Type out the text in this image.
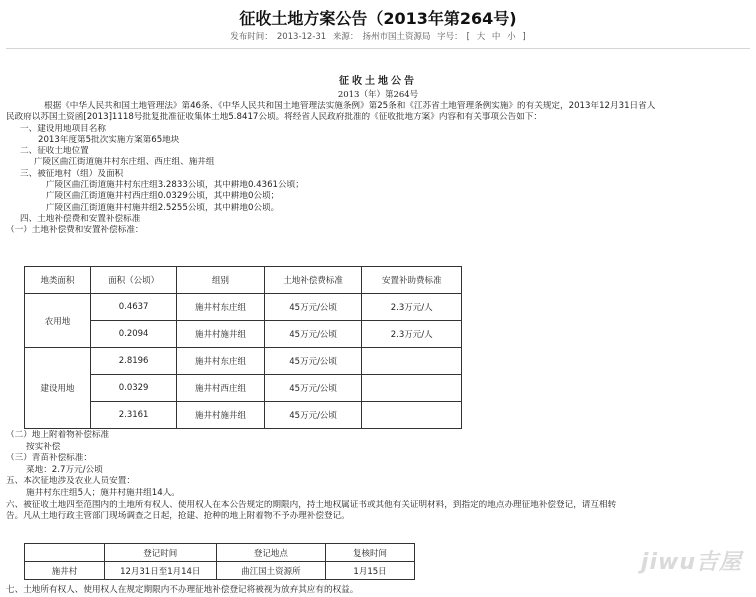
征收土地方案公告（2013年第264号)
发布时间： 2013-12-31 来源： 扬州市国土资源局 字号： [ 大 中 小 ]
征收土地公告
2013（年）第264号

根据《中华人民共和国土地管理法》第46条、《中华人民共和国土地管理法实施条例》第25条和《江苏省土地管理条例实施》的有关规定，2013年12月31日省人

民政府以苏国土资函[2013]1118号批复批准征收集体土地5.8417公顷。将经省人民政府批准的《征收批地方案》内容和有关事项公告如下：

一、建设用地项目名称

2013年度第5批次实施方案第65地块

二、征收土地位置

广陵区曲江街道施井村东庄组、西庄组、施井组

三、被征地村（组）及面积

广陵区曲江街道施井村东庄组3.2833公顷，其中耕地0.4361公顷；

广陵区曲江街道施井村西庄组0.0329公顷，其中耕地0公顷；

广陵区曲江街道施井村施井组2.5255公顷，其中耕地0公顷。

四、土地补偿费和安置补偿标准

（一）土地补偿费和安置补偿标准：

地类面积	面积（公顷）	组别	土地补偿费标准	安置补助费标准
农用地	0.4637	施井村东庄组	45万元/公顷	2.3万元/人
	0.2094	施井村施井组	45万元/公顷	2.3万元/人
建设用地	2.8196	施井村东庄组	45万元/公顷	
	0.0329	施井村西庄组	45万元/公顷	
	2.3161	施井村施井组	45万元/公顷	

（二）地上附着物补偿标准

按实补偿

（三）青苗补偿标准：

菜地：2.7万元/公顷

五、本次征地涉及农业人员安置：

施井村东庄组5人；施井村施井组14人。

六、被征收土地四至范围内的土地所有权人、使用权人在本公告规定的期限内，持土地权属证书或其他有关证明材料，到指定的地点办理征地补偿登记，请互相转

告。凡从土地行政主管部门现场调查之日起，抢建、抢种的地上附着物不予办理补偿登记。

	登记时间	登记地点	复核时间
施井村	12月31日至1月14日	曲江国土资源所	1月15日
七、土地所有权人、使用权人在规定期限内不办理征地补偿登记将被视为放弃其应有的权益。
jiwu吉屋
